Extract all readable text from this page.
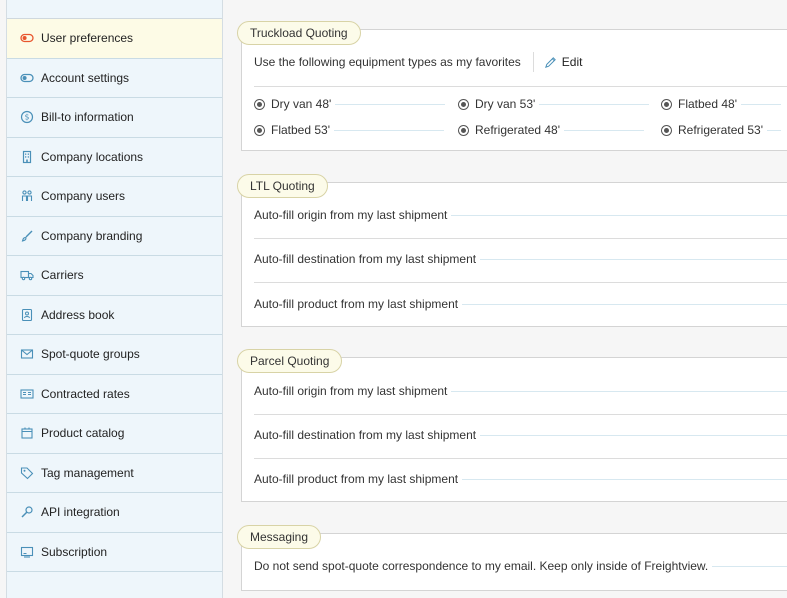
User preferences
Account settings
$ Bill-to information
Company locations
Company users
Company branding
Carriers
Address book
Spot-quote groups
Contracted rates
Product catalog
Tag management
API integration
Subscription
Truckload Quoting
Use the following equipment types as my favorites	Edit
Dry van 48'	Dry van 53'	Flatbed 48'
Flatbed 53'	Refrigerated 48'	Refrigerated 53'
LTL Quoting
Auto-fill origin from my last shipment
Auto-fill destination from my last shipment
Auto-fill product from my last shipment
Parcel Quoting
Auto-fill origin from my last shipment
Auto-fill destination from my last shipment
Auto-fill product from my last shipment
Messaging
Do not send spot-quote correspondence to my email. Keep only inside of Freightview.
